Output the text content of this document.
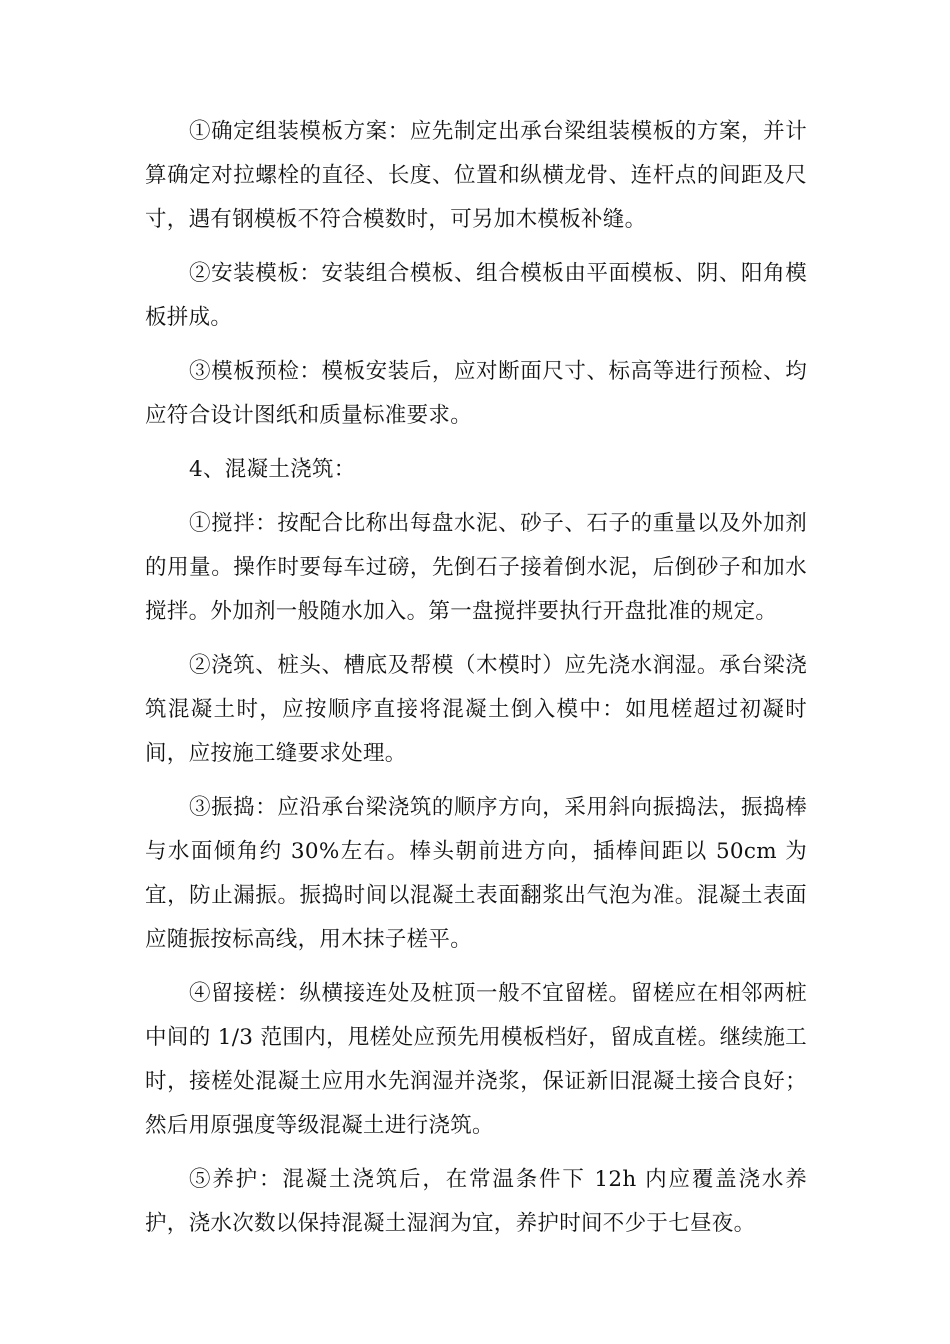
①确定组装模板方案：应先制定出承台梁组装模板的方案，并计算确定对拉螺栓的直径、长度、位置和纵横龙骨、连杆点的间距及尺寸，遇有钢模板不符合模数时，可另加木模板补缝。

②安装模板：安装组合模板、组合模板由平面模板、阴、阳角模板拼成。

③模板预检：模板安装后，应对断面尺寸、标高等进行预检、均应符合设计图纸和质量标准要求。

4、混凝土浇筑：

①搅拌：按配合比称出每盘水泥、砂子、石子的重量以及外加剂的用量。操作时要每车过磅，先倒石子接着倒水泥，后倒砂子和加水搅拌。外加剂一般随水加入。第一盘搅拌要执行开盘批准的规定。

②浇筑、桩头、槽底及帮模（木模时）应先浇水润湿。承台梁浇筑混凝土时，应按顺序直接将混凝土倒入模中：如甩槎超过初凝时间，应按施工缝要求处理。

③振捣：应沿承台梁浇筑的顺序方向，采用斜向振捣法，振捣棒与水面倾角约 30%左右。棒头朝前进方向，插棒间距以 50cm 为宜，防止漏振。振捣时间以混凝土表面翻浆出气泡为准。混凝土表面应随振按标高线，用木抹子槎平。

④留接槎：纵横接连处及桩顶一般不宜留槎。留槎应在相邻两桩中间的 1/3 范围内，甩槎处应预先用模板档好，留成直槎。继续施工时，接槎处混凝土应用水先润湿并浇浆，保证新旧混凝土接合良好；然后用原强度等级混凝土进行浇筑。

⑤养护：混凝土浇筑后，在常温条件下 12h 内应覆盖浇水养护，浇水次数以保持混凝土湿润为宜，养护时间不少于七昼夜。
